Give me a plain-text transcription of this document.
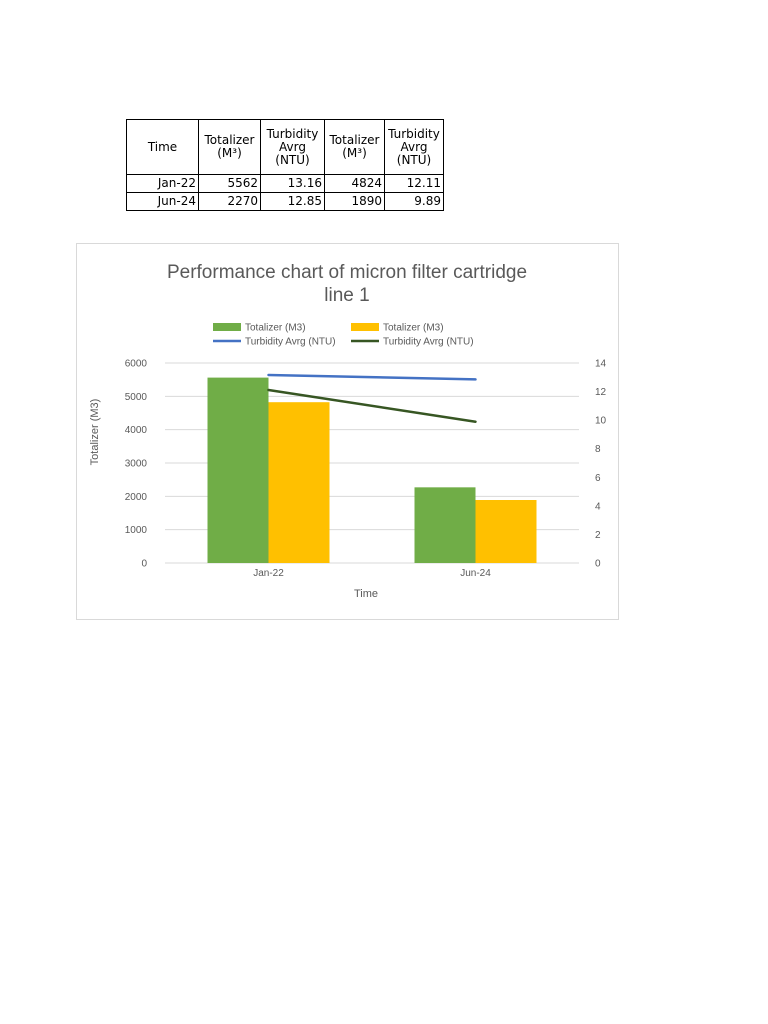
Time	Totalizer (M³)	Turbidity Avrg (NTU)	Totalizer (M³)	Turbidity Avrg (NTU)
Jan-22	5562	13.16	4824	12.11
Jun-24	2270	12.85	1890	9.89
Performance chart of micron filter cartridge
line 1
Totalizer (M3)	Totalizer (M3)
Turbidity Avrg (NTU)	Turbidity Avrg (NTU)
0
1000
2000
3000
4000
5000
6000
0
2
4
6
8
10
12
14
Jan-22	Jun-24
Time
Totalizer (M3)
